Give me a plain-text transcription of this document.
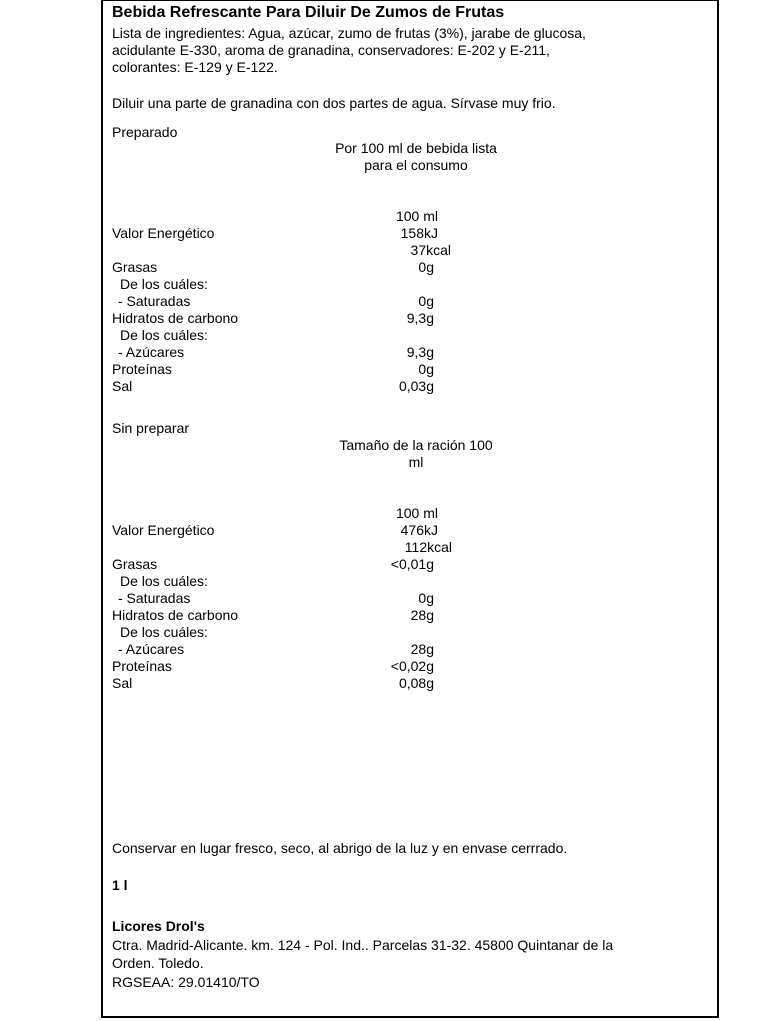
Bebida Refrescante Para Diluir De Zumos de Frutas
Lista de ingredientes: Agua, azúcar, zumo de frutas (3%), jarabe de glucosa,
acidulante E-330, aroma de granadina, conservadores: E-202 y E-211,
colorantes: E-129 y E-122.
Diluir una parte de granadina con dos partes de agua. Sírvase muy frio.
Preparado
Por 100 ml de bebida lista
para el consumo
100 ml
Valor Energético	158kJ
37kcal
Grasas	0g
De los cuáles:
- Saturadas	0g
Hidratos de carbono	9,3g
De los cuáles:
- Azúcares	9,3g
Proteínas	0g
Sal	0,03g
Sin preparar
Tamaño de la ración 100
ml
100 ml
Valor Energético	476kJ
112kcal
Grasas	<0,01g
De los cuáles:
- Saturadas	0g
Hidratos de carbono	28g
De los cuáles:
- Azúcares	28g
Proteínas	<0,02g
Sal	0,08g
Conservar en lugar fresco, seco, al abrigo de la luz y en envase cerrrado.
1 l
Licores Drol's
Ctra. Madrid-Alicante. km. 124 - Pol. Ind.. Parcelas 31-32. 45800 Quintanar de la
Orden. Toledo.
RGSEAA: 29.01410/TO
